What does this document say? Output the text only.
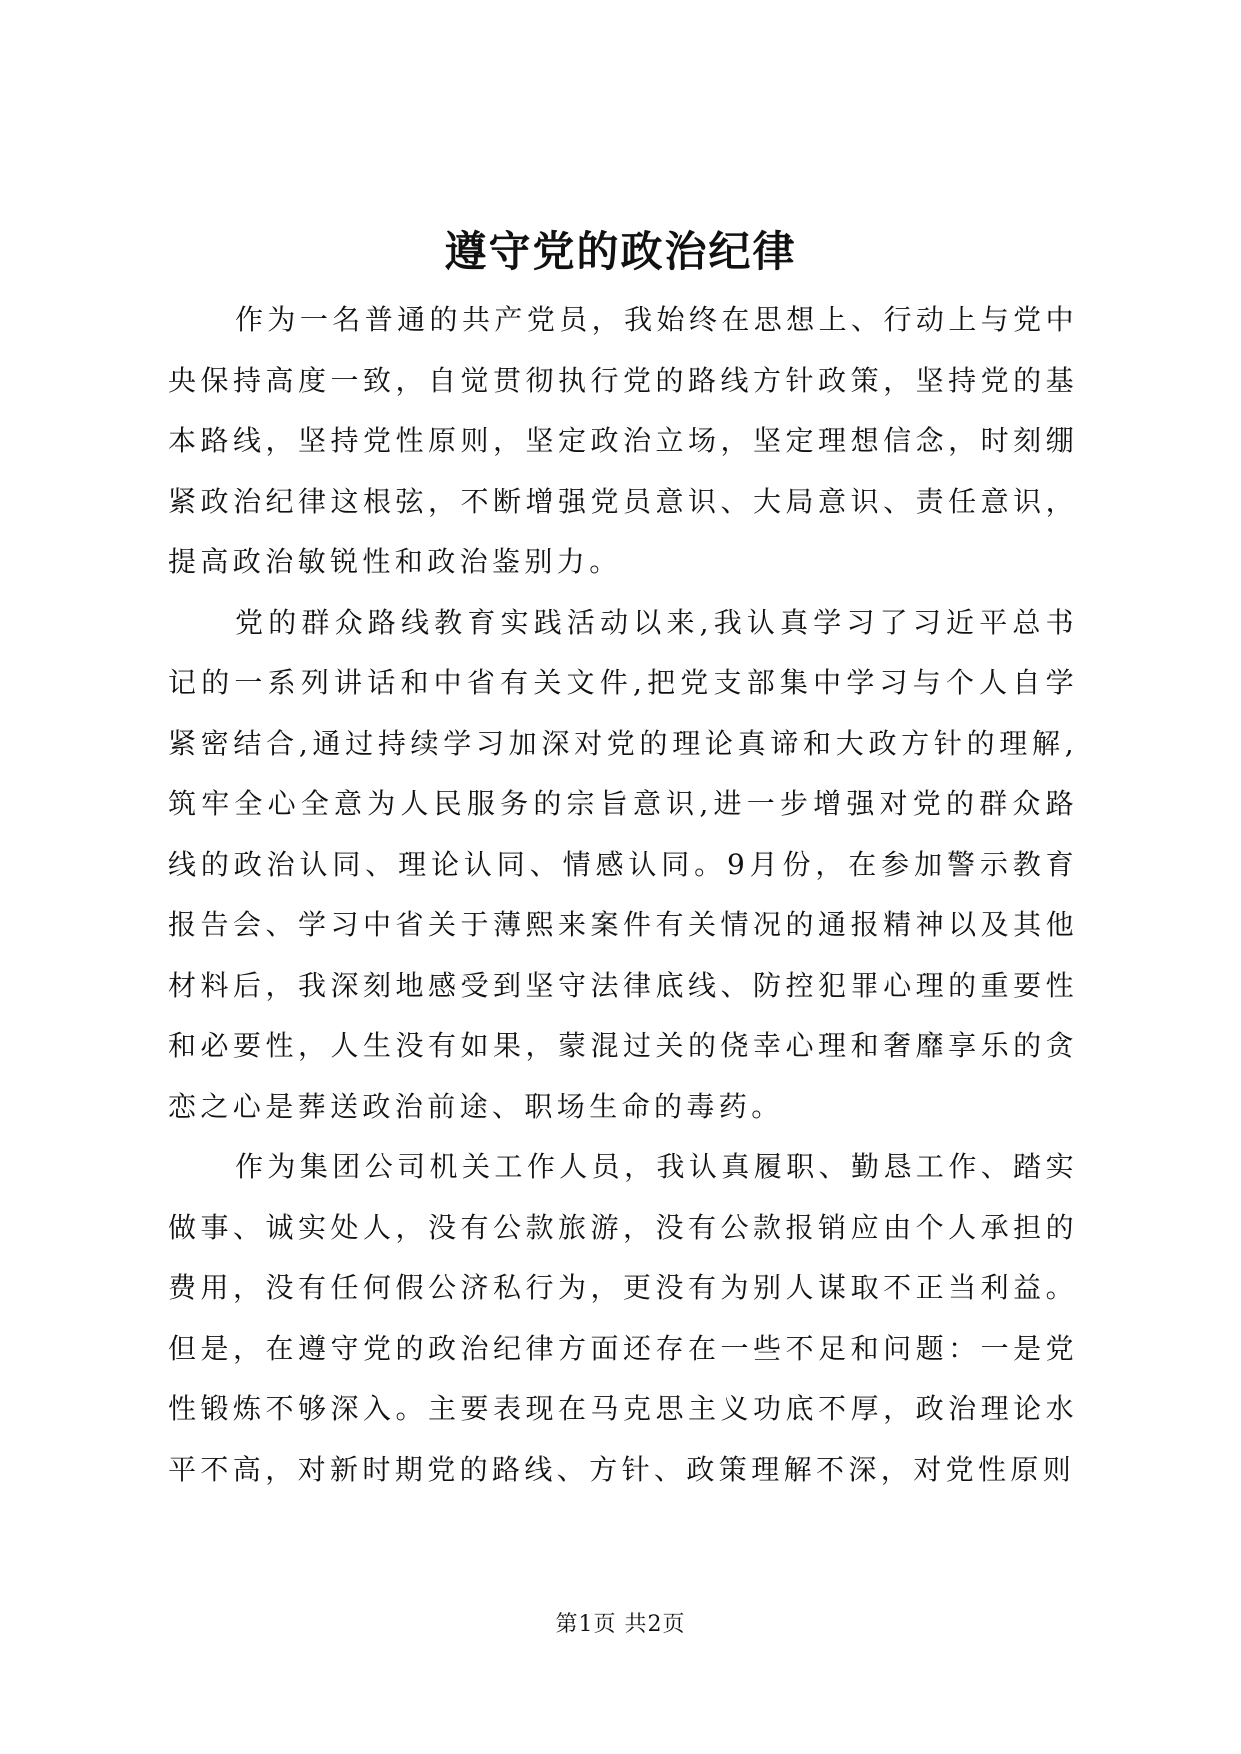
遵守党的政治纪律

作为一名普通的共产党员，我始终在思想上、行动上与党中央保持高度一致，自觉贯彻执行党的路线方针政策，坚持党的基本路线，坚持党性原则，坚定政治立场，坚定理想信念，时刻绷紧政治纪律这根弦，不断增强党员意识、大局意识、责任意识，提高政治敏锐性和政治鉴别力。

党的群众路线教育实践活动以来,我认真学习了习近平总书记的一系列讲话和中省有关文件,把党支部集中学习与个人自学紧密结合,通过持续学习加深对党的理论真谛和大政方针的理解,筑牢全心全意为人民服务的宗旨意识,进一步增强对党的群众路线的政治认同、理论认同、情感认同。9月份，在参加警示教育报告会、学习中省关于薄熙来案件有关情况的通报精神以及其他材料后，我深刻地感受到坚守法律底线、防控犯罪心理的重要性和必要性，人生没有如果，蒙混过关的侥幸心理和奢靡享乐的贪恋之心是葬送政治前途、职场生命的毒药。

作为集团公司机关工作人员，我认真履职、勤恳工作、踏实做事、诚实处人，没有公款旅游，没有公款报销应由个人承担的费用，没有任何假公济私行为，更没有为别人谋取不正当利益。但是，在遵守党的政治纪律方面还存在一些不足和问题：一是党性锻炼不够深入。主要表现在马克思主义功底不厚，政治理论水平不高，对新时期党的路线、方针、政策理解不深，对党性原则

第1页 共2页
